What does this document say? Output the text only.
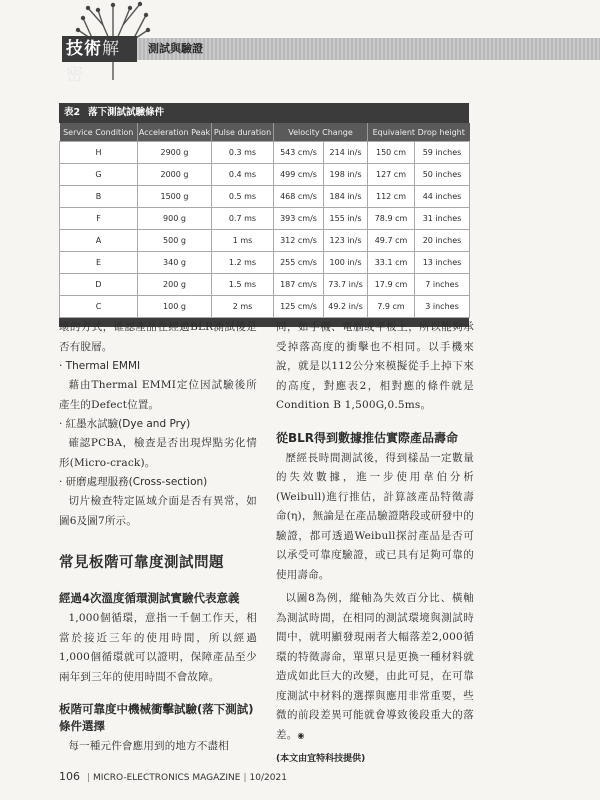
技術解密
測試與驗證
表2 落下測試試驗條件
Service Condition	Acceleration Peak	Pulse duration	Velocity Change		Equivalent Drop height	
H	2900 g	0.3 ms	543 cm/s	214 in/s	150 cm	59 inches
G	2000 g	0.4 ms	499 cm/s	198 in/s	127 cm	50 inches
B	1500 g	0.5 ms	468 cm/s	184 in/s	112 cm	44 inches
F	900 g	0.7 ms	393 cm/s	155 in/s	78.9 cm	31 inches
A	500 g	1 ms	312 cm/s	123 in/s	49.7 cm	20 inches
E	340 g	1.2 ms	255 cm/s	100 in/s	33.1 cm	13 inches
D	200 g	1.5 ms	187 cm/s	73.7 in/s	17.9 cm	7 inches
C	100 g	2 ms	125 cm/s	49.2 in/s	7.9 cm	3 inches

壞的方式，確認產品在經過BLR測試後是否有脫層。

· Thermal EMMI

藉由Thermal EMMI定位因試驗後所產生的Defect位置。

· 紅墨水試驗(Dye and Pry)

確認PCBA，檢查是否出現焊點劣化情形(Micro-crack)。

· 研磨處理服務(Cross-section)

切片檢查特定區域介面是否有異常，如圖6及圖7所示。

常見板階可靠度測試問題
經過4次溫度循環測試實驗代表意義

1,000個循環，意指一千個工作天，相當於接近三年的使用時間，所以經過1,000個循環就可以證明，保障產品至少兩年到三年的使用時間不會故障。

板階可靠度中機械衝擊試驗(落下測試)條件選擇

每一種元件會應用到的地方不盡相

同，如手機、電腦或平板上，所以能夠承受掉落高度的衝擊也不相同。以手機來說，就是以112公分來模擬從手上掉下來的高度，對應表2，相對應的條件就是Condition B 1,500G,0.5ms。

從BLR得到數據推估實際產品壽命

歷經長時間測試後，得到樣品一定數量的失效數據，進一步使用韋伯分析(Weibull)進行推估，計算該產品特徵壽命(η)，無論是在產品驗證階段或研發中的驗證，都可透過Weibull探討產品是否可以承受可靠度驗證，或已具有足夠可靠的使用壽命。

以圖8為例，縱軸為失效百分比、橫軸為測試時間，在相同的測試環境與測試時間中，就明顯發現兩者大幅落差2,000循環的特徵壽命，單單只是更換一種材料就造成如此巨大的改變，由此可見，在可靠度測試中材料的選擇與應用非常重要，些微的前段差異可能就會導致後段重大的落差。◉

(本文由宜特科技提供)
106 | MICRO-ELECTRONICS MAGAZINE | 10/2021
